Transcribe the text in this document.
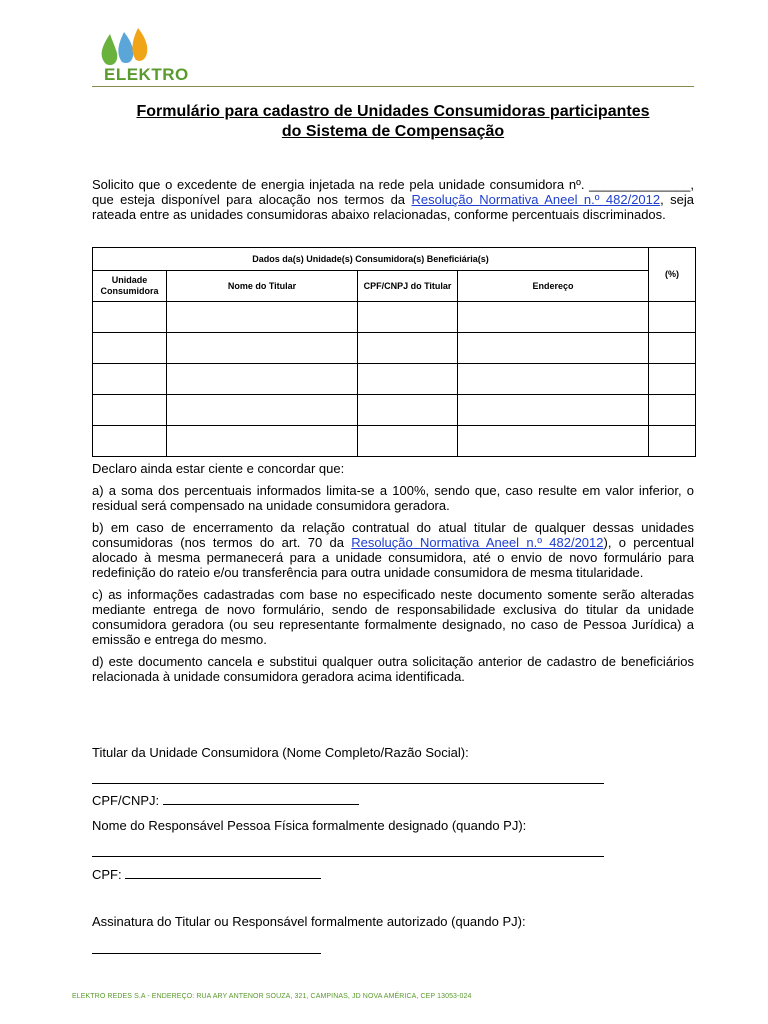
ELEKTRO
Formulário para cadastro de Unidades Consumidoras participantes
do Sistema de Compensação
Solicito que o excedente de energia injetada na rede pela unidade consumidora nº. ______________, que esteja disponível para alocação nos termos da Resolução Normativa Aneel n.º 482/2012, seja rateada entre as unidades consumidoras abaixo relacionadas, conforme percentuais discriminados.
Dados da(s) Unidade(s) Consumidora(s) Beneficiária(s)				(%)
Unidade Consumidora	Nome do Titular	CPF/CNPJ do Titular	Endereço	

Declaro ainda estar ciente e concordar que:

a) a soma dos percentuais informados limita-se a 100%, sendo que, caso resulte em valor inferior, o residual será compensado na unidade consumidora geradora.

b) em caso de encerramento da relação contratual do atual titular de qualquer dessas unidades consumidoras (nos termos do art. 70 da Resolução Normativa Aneel n.º 482/2012), o percentual alocado à mesma permanecerá para a unidade consumidora, até o envio de novo formulário para redefinição do rateio e/ou transferência para outra unidade consumidora de mesma titularidade.

c) as informações cadastradas com base no especificado neste documento somente serão alteradas mediante entrega de novo formulário, sendo de responsabilidade exclusiva do titular da unidade consumidora geradora (ou seu representante formalmente designado, no caso de Pessoa Jurídica) a emissão e entrega do mesmo.

d) este documento cancela e substitui qualquer outra solicitação anterior de cadastro de beneficiários relacionada à unidade consumidora geradora acima identificada.

Titular da Unidade Consumidora (Nome Completo/Razão Social):
CPF/CNPJ:
Nome do Responsável Pessoa Física formalmente designado (quando PJ):
CPF:
Assinatura do Titular ou Responsável formalmente autorizado (quando PJ):
ELEKTRO REDES S.A - ENDEREÇO: RUA ARY ANTENOR SOUZA, 321, CAMPINAS, JD NOVA AMÉRICA, CEP 13053-024
